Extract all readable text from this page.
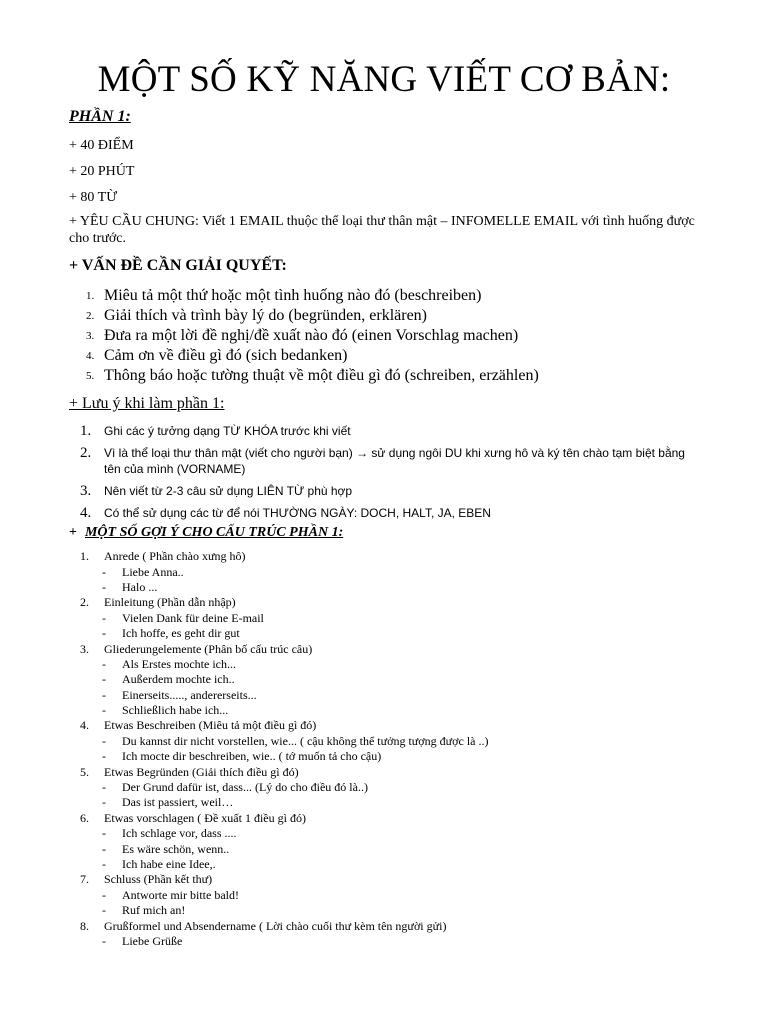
MỘT SỐ KỸ NĂNG VIẾT CƠ BẢN:
PHẦN 1:
+ 40 ĐIỂM
+ 20 PHÚT
+ 80 TỪ
+ YÊU CẦU CHUNG: Viết 1 EMAIL thuộc thể loại thư thân mật – INFOMELLE EMAIL với tình huống được cho trước.
+ VẤN ĐỀ CẦN GIẢI QUYẾT:
1. Miêu tả một thứ hoặc một tình huống nào đó (beschreiben)
2. Giải thích và trình bày lý do (begründen, erklären)
3. Đưa ra một lời đề nghị/đề xuất nào đó (einen Vorschlag machen)
4. Cảm ơn về điều gì đó (sich bedanken)
5. Thông báo hoặc tường thuật về một điều gì đó (schreiben, erzählen)
+ Lưu ý khi làm phần 1:
1.	Ghi các ý tưởng dạng TỪ KHÓA trước khi viết
2.	Vì là thể loại thư thân mật (viết cho người bạn) → sử dụng ngôi DU khi xưng hô và ký tên chào tạm biệt bằng tên của mình (VORNAME)
3.	Nên viết từ 2-3 câu sử dụng LIÊN TỪ phù hợp
4.	Có thể sử dụng các từ để nói THƯỜNG NGÀY: DOCH, HALT, JA, EBEN
+ MỘT SỐ GỢI Ý CHO CẤU TRÚC PHẦN 1:
1.	Anrede ( Phần chào xưng hô)
-	Liebe Anna..
-	Halo ...
2.	Einleitung (Phần dẫn nhập)
-	Vielen Dank für deine E-mail
-	Ich hoffe, es geht dir gut
3.	Gliederungelemente (Phân bố cấu trúc câu)
-	Als Erstes mochte ich...
-	Außerdem mochte ich..
-	Einerseits....., andererseits...
-	Schließlich habe ich...
4.	Etwas Beschreiben (Miêu tả một điều gì đó)
-	Du kannst dir nicht vorstellen, wie... ( cậu không thể tưởng tượng được là ..)
-	Ich mocte dir beschreiben, wie.. ( tớ muốn tả cho cậu)
5.	Etwas Begründen (Giải thích điều gì đó)
-	Der Grund dafür ist, dass... (Lý do cho điều đó là..)
-	Das ist passiert, weil…
6.	Etwas vorschlagen ( Đề xuất 1 điều gì đó)
-	Ich schlage vor, dass ....
-	Es wäre schön, wenn..
-	Ich habe eine Idee,.
7.	Schluss (Phần kết thư)
-	Antworte mir bitte bald!
-	Ruf mich an!
8.	Grußformel und Absendername ( Lời chào cuối thư kèm tên người gửi)
-	Liebe Grüße
